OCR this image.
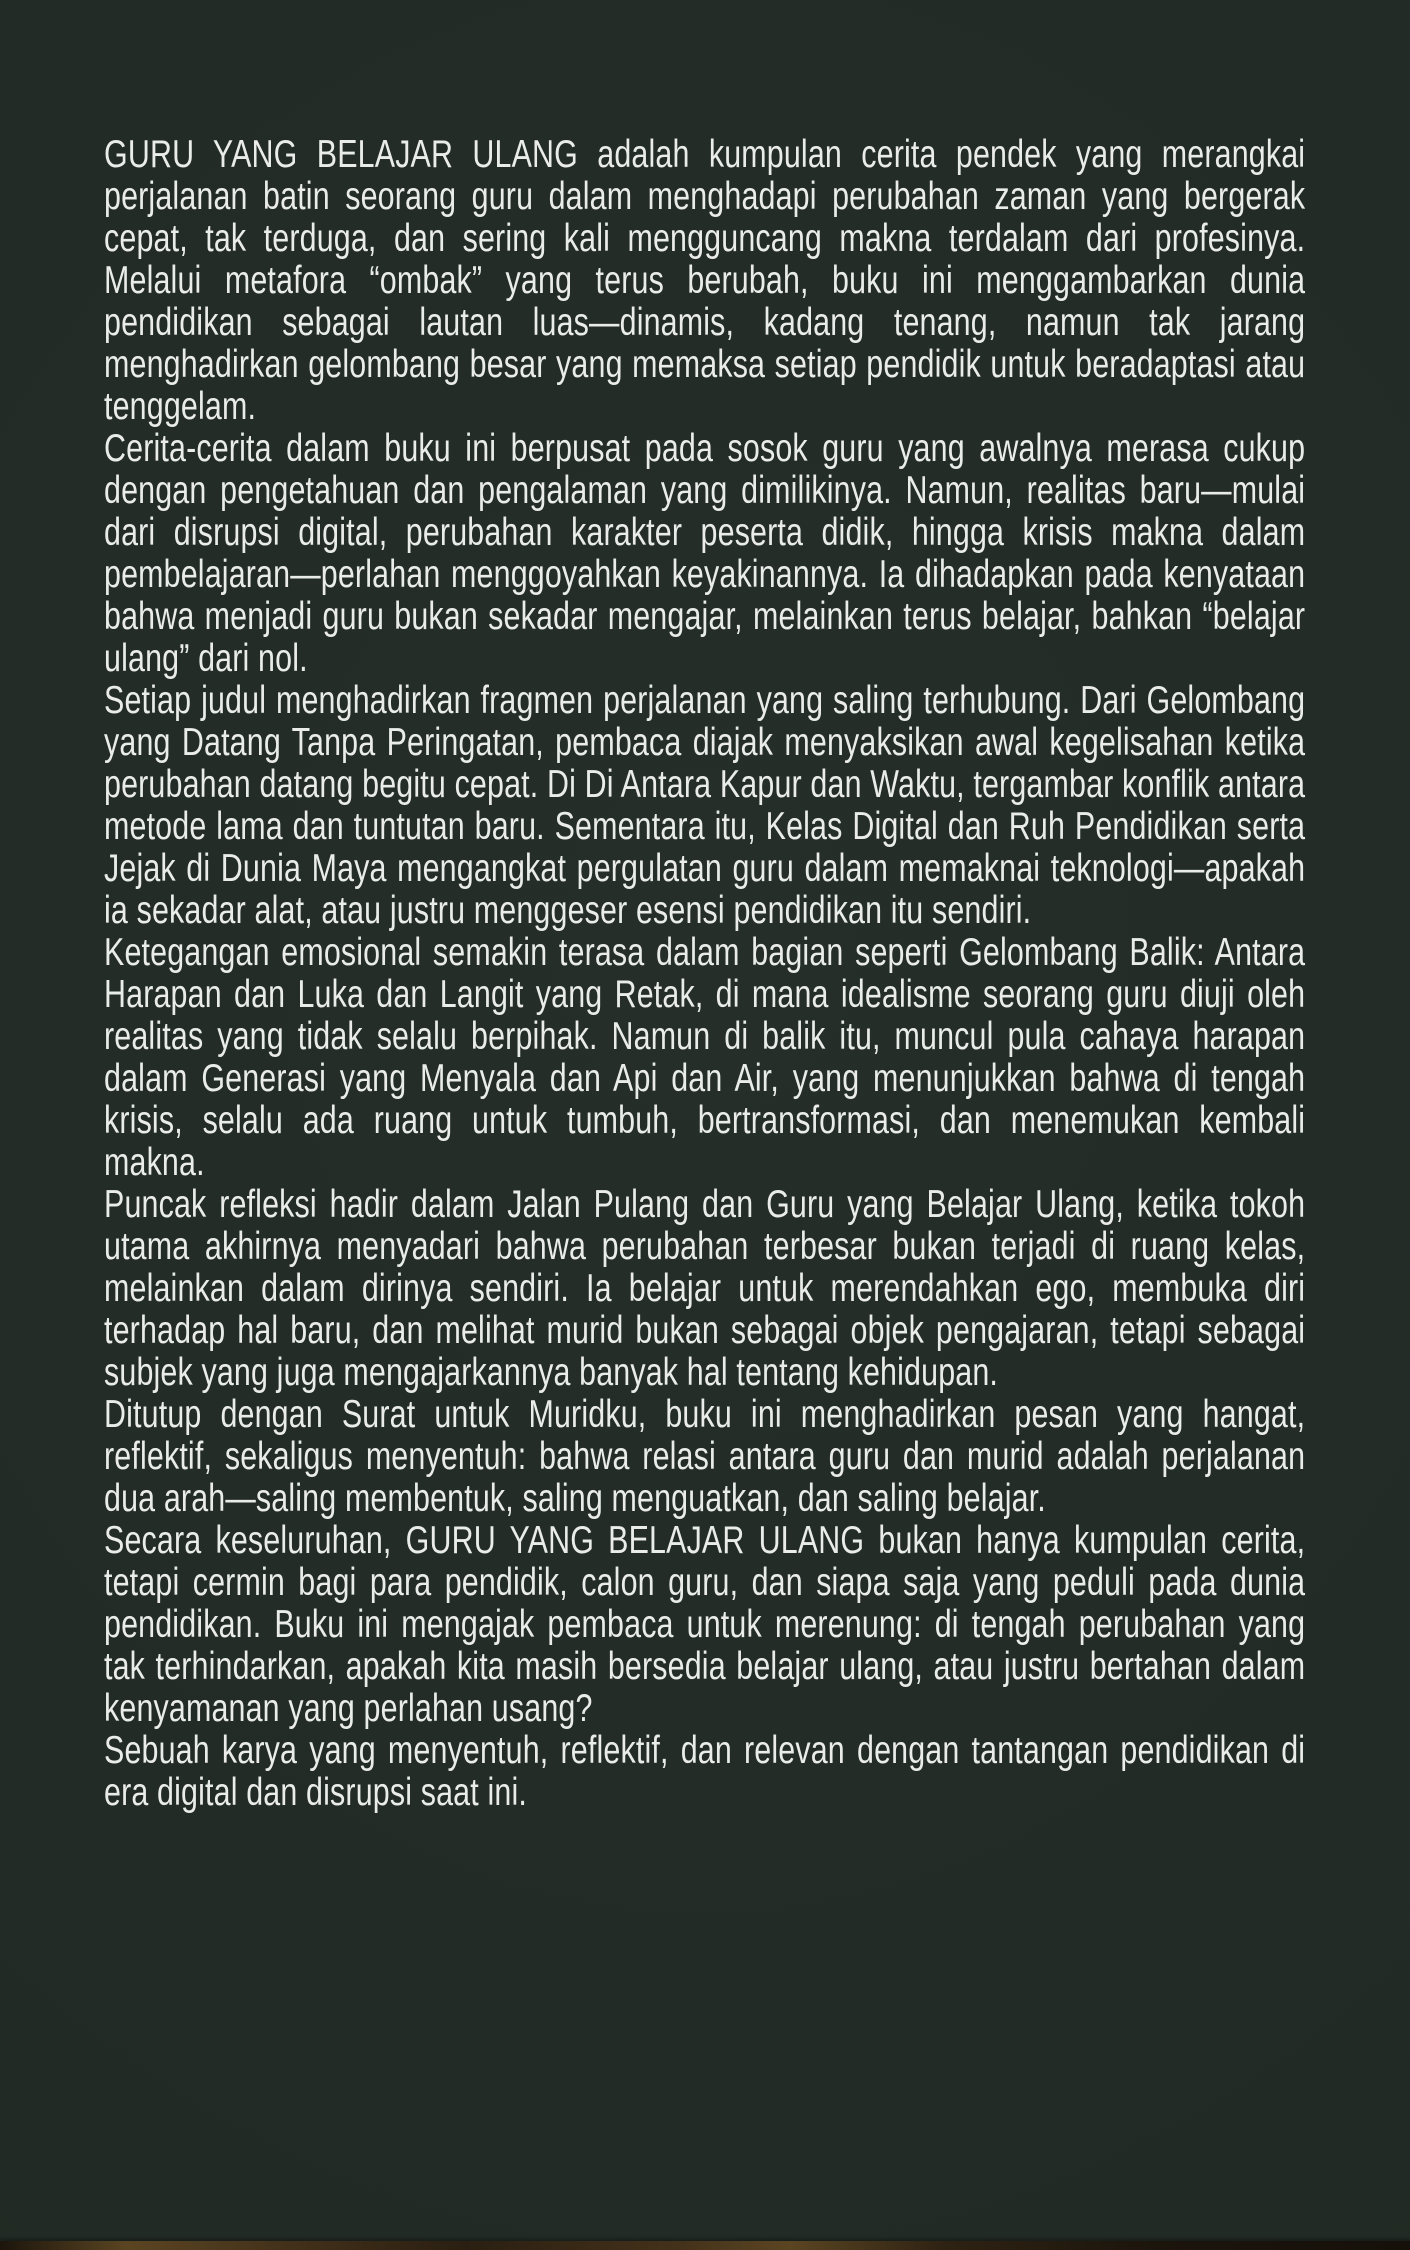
GURU YANG BELAJAR ULANG adalah kumpulan cerita pendek yang merangkai perjalanan batin seorang guru dalam menghadapi perubahan zaman yang bergerak cepat, tak terduga, dan sering kali mengguncang makna terdalam dari profesinya. Melalui metafora “ombak” yang terus berubah, buku ini menggambarkan dunia pendidikan sebagai lautan luas—dinamis, kadang tenang, namun tak jarang menghadirkan gelombang besar yang memaksa setiap pendidik untuk beradaptasi atau tenggelam.

Cerita-cerita dalam buku ini berpusat pada sosok guru yang awalnya merasa cukup dengan pengetahuan dan pengalaman yang dimilikinya. Namun, realitas baru—mulai dari disrupsi digital, perubahan karakter peserta didik, hingga krisis makna dalam pembelajaran—perlahan menggoyahkan keyakinannya. Ia dihadapkan pada kenyataan bahwa menjadi guru bukan sekadar mengajar, melainkan terus belajar, bahkan “belajar ulang” dari nol.

Setiap judul menghadirkan fragmen perjalanan yang saling terhubung. Dari Gelombang yang Datang Tanpa Peringatan, pembaca diajak menyaksikan awal kegelisahan ketika perubahan datang begitu cepat. Di Di Antara Kapur dan Waktu, tergambar konflik antara metode lama dan tuntutan baru. Sementara itu, Kelas Digital dan Ruh Pendidikan serta Jejak di Dunia Maya mengangkat pergulatan guru dalam memaknai teknologi—apakah ia sekadar alat, atau justru menggeser esensi pendidikan itu sendiri.

Ketegangan emosional semakin terasa dalam bagian seperti Gelombang Balik: Antara Harapan dan Luka dan Langit yang Retak, di mana idealisme seorang guru diuji oleh realitas yang tidak selalu berpihak. Namun di balik itu, muncul pula cahaya harapan dalam Generasi yang Menyala dan Api dan Air, yang menunjukkan bahwa di tengah krisis, selalu ada ruang untuk tumbuh, bertransformasi, dan menemukan kembali makna.

Puncak refleksi hadir dalam Jalan Pulang dan Guru yang Belajar Ulang, ketika tokoh utama akhirnya menyadari bahwa perubahan terbesar bukan terjadi di ruang kelas, melainkan dalam dirinya sendiri. Ia belajar untuk merendahkan ego, membuka diri terhadap hal baru, dan melihat murid bukan sebagai objek pengajaran, tetapi sebagai subjek yang juga mengajarkannya banyak hal tentang kehidupan.

Ditutup dengan Surat untuk Muridku, buku ini menghadirkan pesan yang hangat, reflektif, sekaligus menyentuh: bahwa relasi antara guru dan murid adalah perjalanan dua arah—saling membentuk, saling menguatkan, dan saling belajar.

Secara keseluruhan, GURU YANG BELAJAR ULANG bukan hanya kumpulan cerita, tetapi cermin bagi para pendidik, calon guru, dan siapa saja yang peduli pada dunia pendidikan. Buku ini mengajak pembaca untuk merenung: di tengah perubahan yang tak terhindarkan, apakah kita masih bersedia belajar ulang, atau justru bertahan dalam kenyamanan yang perlahan usang?

Sebuah karya yang menyentuh, reflektif, dan relevan dengan tantangan pendidikan di era digital dan disrupsi saat ini.
